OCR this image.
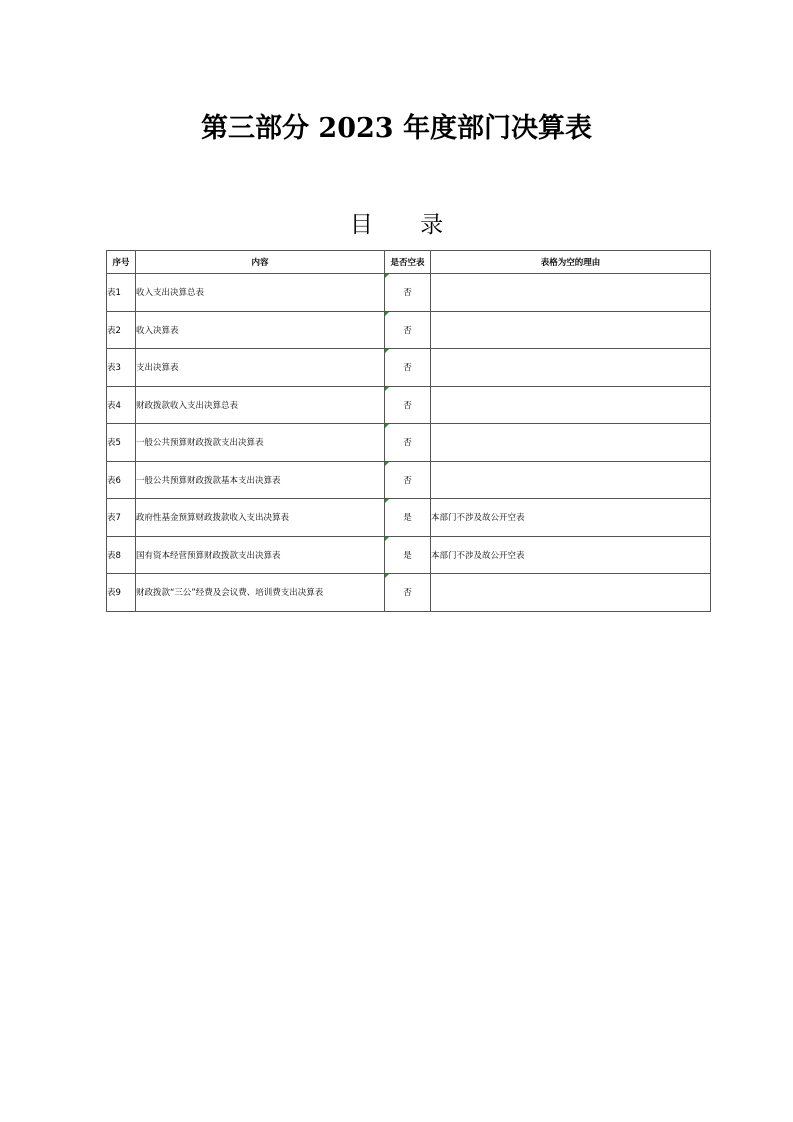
第三部分 2023 年度部门决算表
目 录
序号	内容	是否空表	表格为空的理由
表1	收入支出决算总表	否	
表2	收入决算表	否	
表3	支出决算表	否	
表4	财政拨款收入支出决算总表	否	
表5	一般公共预算财政拨款支出决算表	否	
表6	一般公共预算财政拨款基本支出决算表	否	
表7	政府性基金预算财政拨款收入支出决算表	是	本部门不涉及故公开空表
表8	国有资本经营预算财政拨款支出决算表	是	本部门不涉及故公开空表
表9	财政拨款“三公”经费及会议费、培训费支出决算表	否	
